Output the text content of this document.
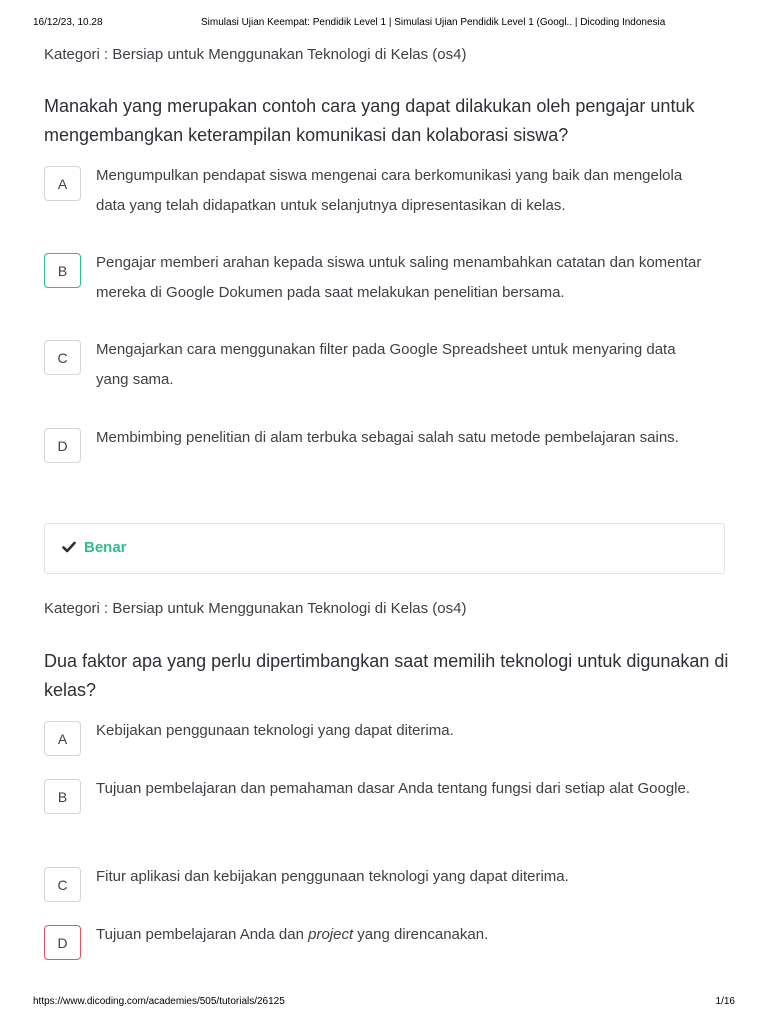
16/12/23, 10.28	Simulasi Ujian Keempat: Pendidik Level 1 | Simulasi Ujian Pendidik Level 1 (Googl.. | Dicoding Indonesia
Kategori : Bersiap untuk Menggunakan Teknologi di Kelas (os4)
Manakah yang merupakan contoh cara yang dapat dilakukan oleh pengajar untuk mengembangkan keterampilan komunikasi dan kolaborasi siswa?
A	Mengumpulkan pendapat siswa mengenai cara berkomunikasi yang baik dan mengelola data yang telah didapatkan untuk selanjutnya dipresentasikan di kelas.
B	Pengajar memberi arahan kepada siswa untuk saling menambahkan catatan dan komentar mereka di Google Dokumen pada saat melakukan penelitian bersama.
C	Mengajarkan cara menggunakan filter pada Google Spreadsheet untuk menyaring data yang sama.
D	Membimbing penelitian di alam terbuka sebagai salah satu metode pembelajaran sains.
Benar
Kategori : Bersiap untuk Menggunakan Teknologi di Kelas (os4)
Dua faktor apa yang perlu dipertimbangkan saat memilih teknologi untuk digunakan di kelas?
A	Kebijakan penggunaan teknologi yang dapat diterima.
B	Tujuan pembelajaran dan pemahaman dasar Anda tentang fungsi dari setiap alat Google.
C	Fitur aplikasi dan kebijakan penggunaan teknologi yang dapat diterima.
D	Tujuan pembelajaran Anda dan project yang direncanakan.
https://www.dicoding.com/academies/505/tutorials/26125	1/16
